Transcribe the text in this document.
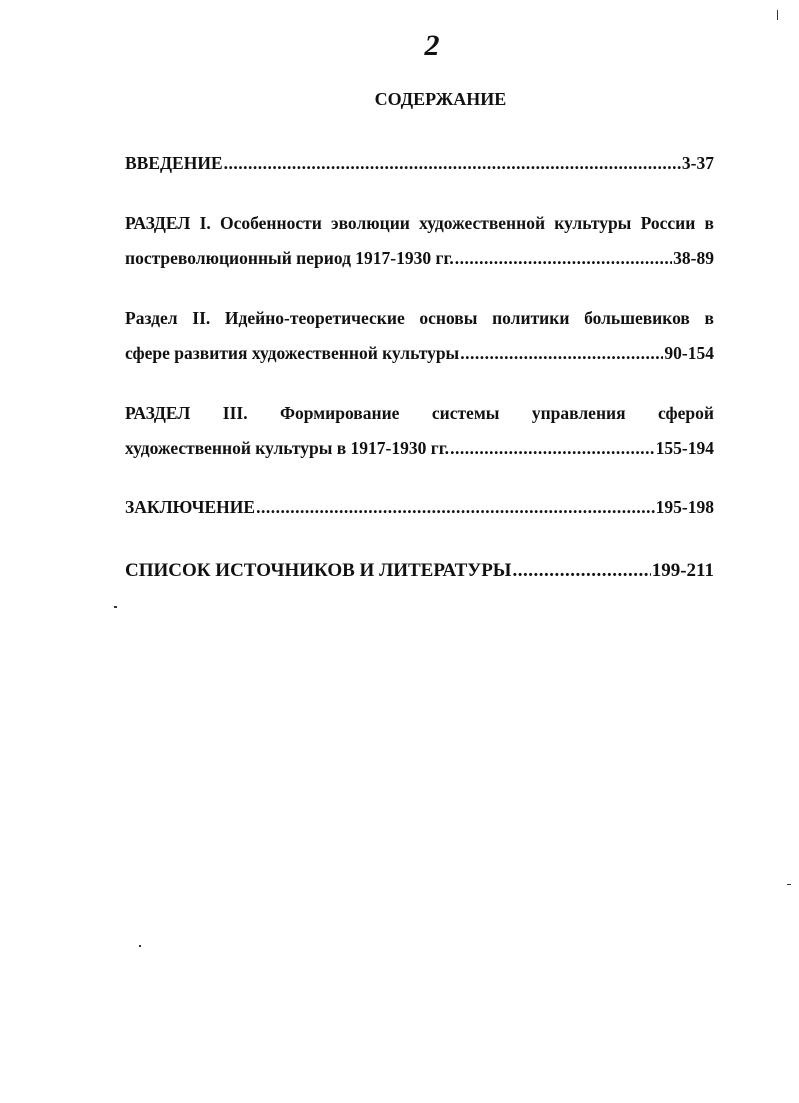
2
СОДЕРЖАНИЕ
ВВЕДЕНИЕ .....	3-37
РАЗДЕЛ I. Особенности эволюции художественной культуры России в
постреволюционный период 1917-1930 гг. .....	38-89
Раздел II. Идейно-теоретические основы политики большевиков в
сфере развития художественной культуры .....	90-154
РАЗДЕЛ III. Формирование системы управления сферой
художественной культуры в 1917-1930 гг. .....	155-194
ЗАКЛЮЧЕНИЕ .....	195-198
СПИСОК ИСТОЧНИКОВ И ЛИТЕРАТУРЫ .....	199-211
